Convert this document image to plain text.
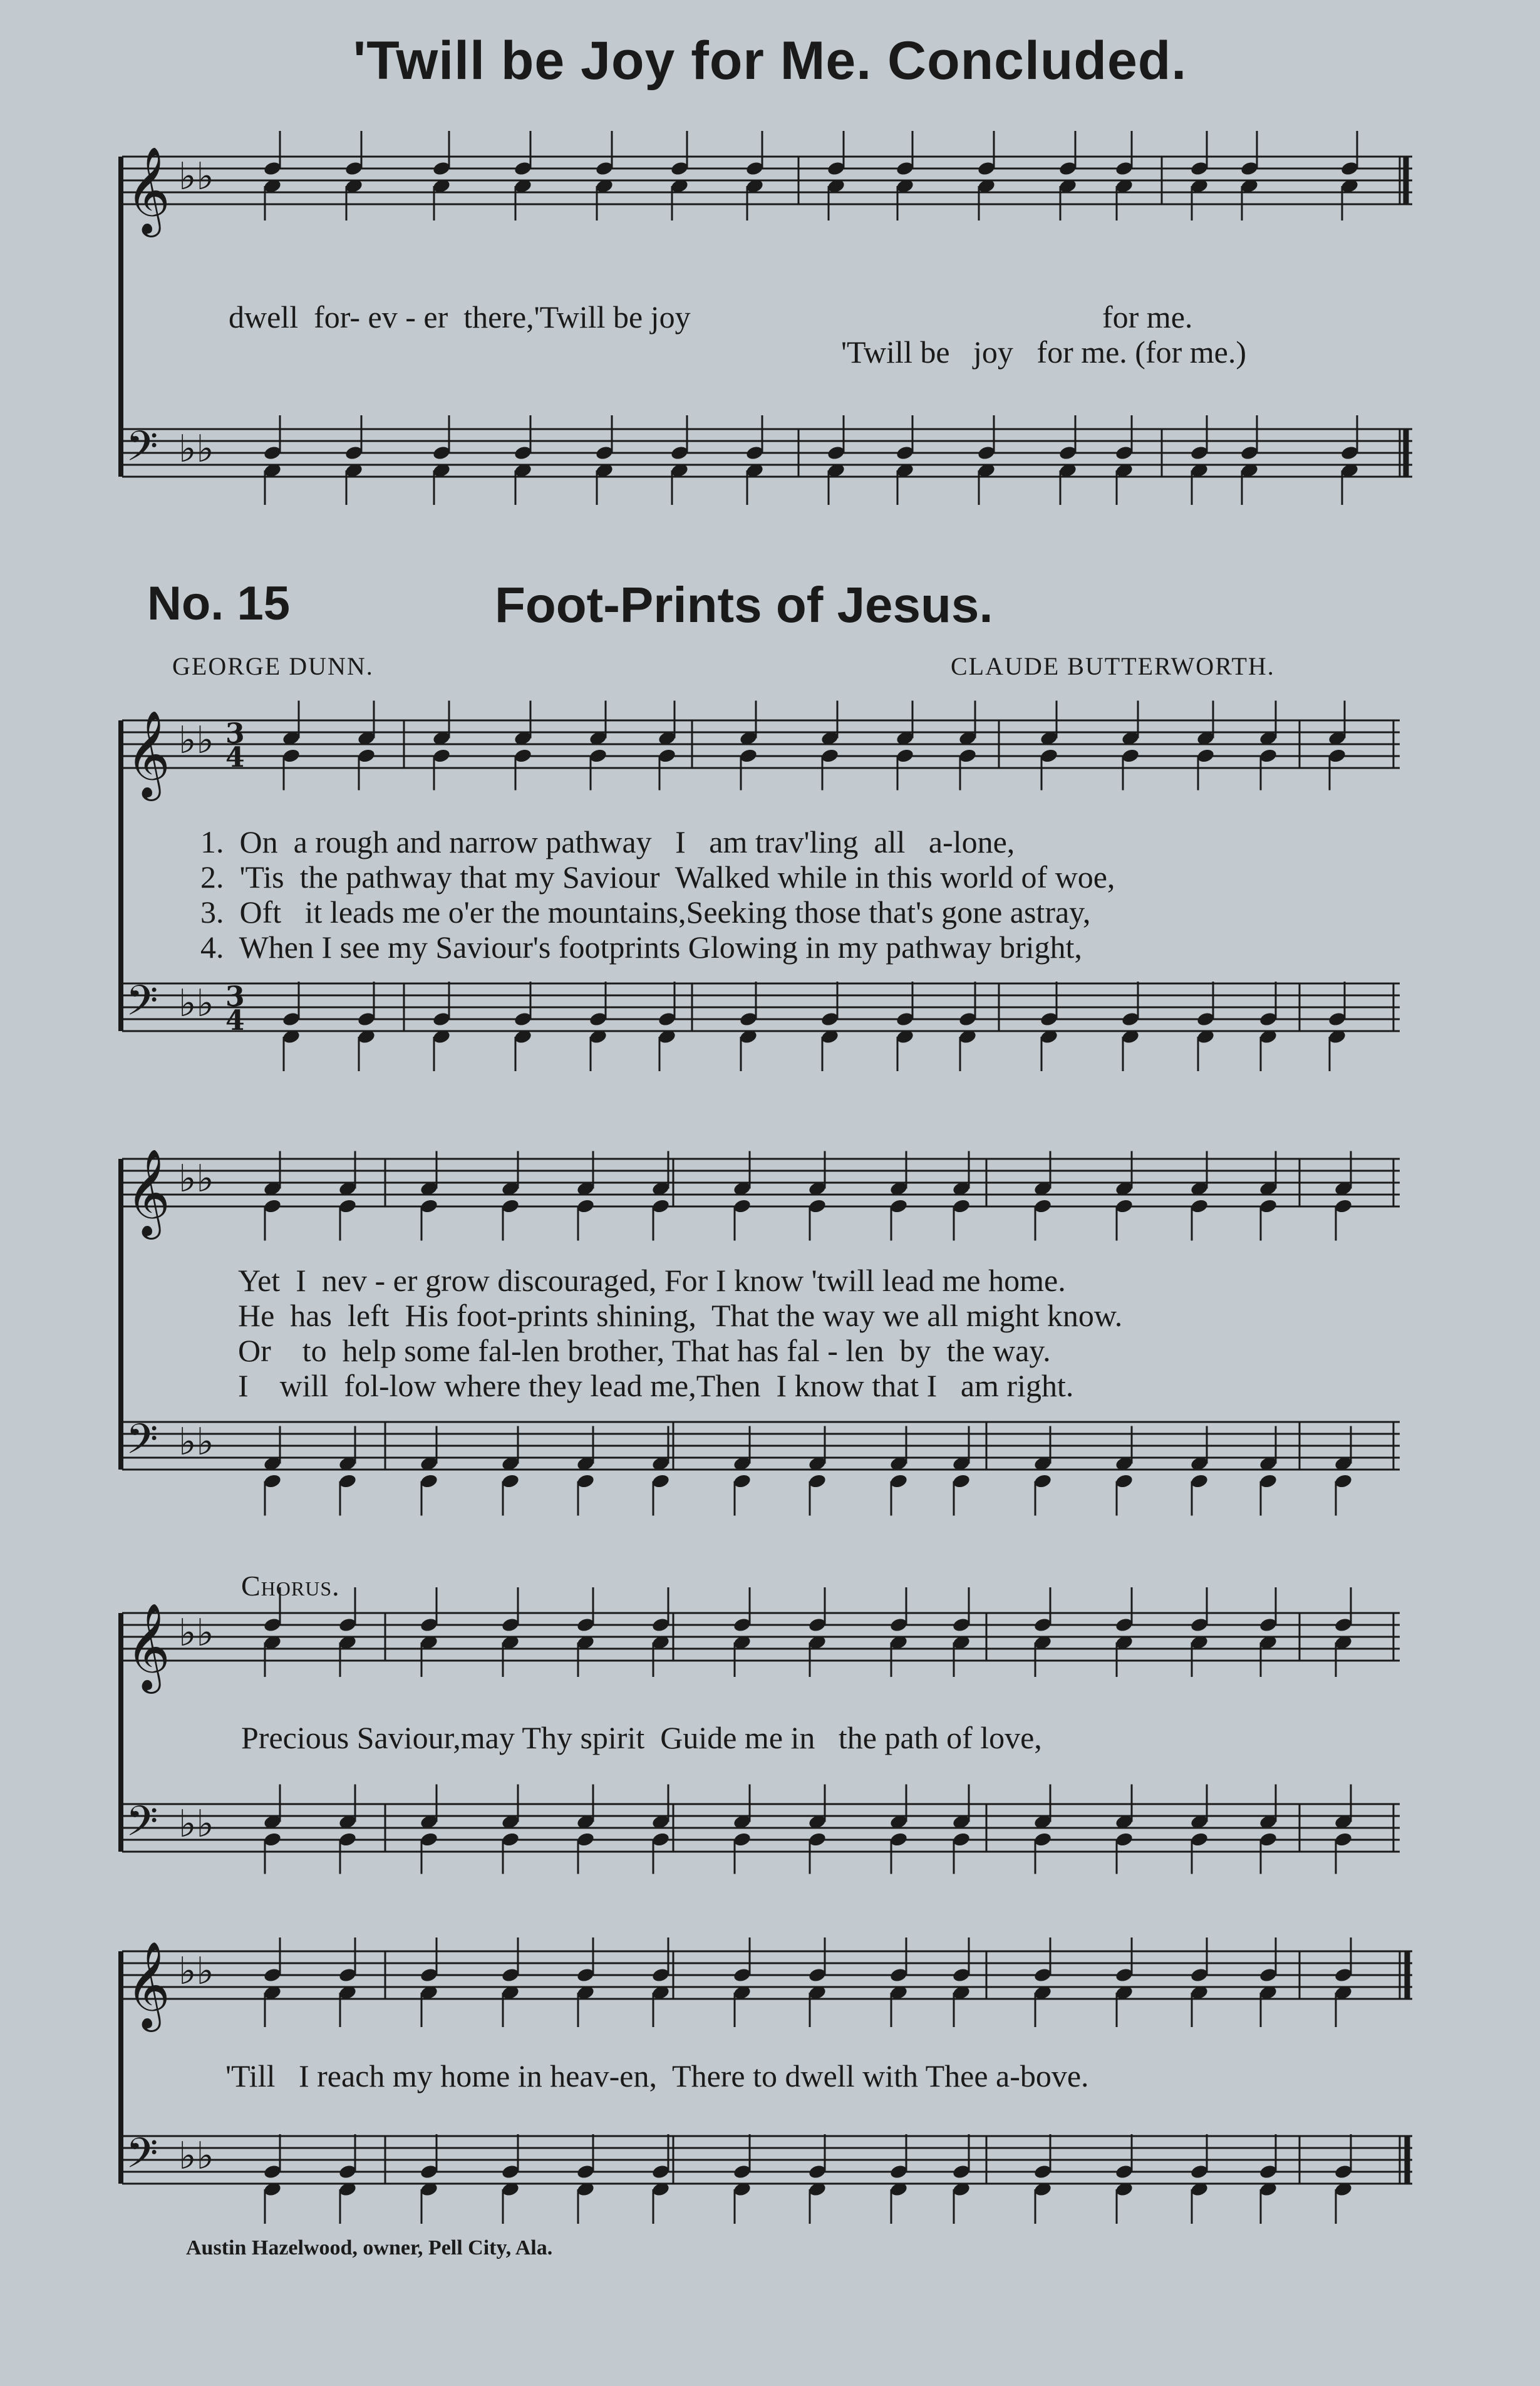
'Twill be Joy for Me. Concluded.
𝄞 ♭♭
𝄢 ♭♭
dwell  for- ev - er  there,'Twill be joy	for me.
'Twill be   joy   for me. (for me.)
No. 15	Foot-Prints of Jesus.
GEORGE DUNN.	CLAUDE BUTTERWORTH.
𝄞 ♭♭ 3
4
𝄢 ♭♭ 3
4
1.  On  a rough and narrow pathway   I   am trav'ling  all   a-lone,
2.  'Tis  the pathway that my Saviour  Walked while in this world of woe,
3.  Oft   it leads me o'er the mountains,Seeking those that's gone astray,
4.  When I see my Saviour's footprints Glowing in my pathway bright,
𝄞 ♭♭
𝄢 ♭♭
Yet  I  nev - er grow discouraged, For I know 'twill lead me home.
He  has  left  His foot-prints shining,  That the way we all might know.
Or    to  help some fal-len brother, That has fal - len  by  the way.
I    will  fol-low where they lead me,Then  I know that I   am right.
Chorus.
𝄞 ♭♭
𝄢 ♭♭
Precious Saviour,may Thy spirit  Guide me in   the path of love,
𝄞 ♭♭
𝄢 ♭♭
'Till   I reach my home in heav-en,  There to dwell with Thee a-bove.
Austin Hazelwood, owner, Pell City, Ala.
